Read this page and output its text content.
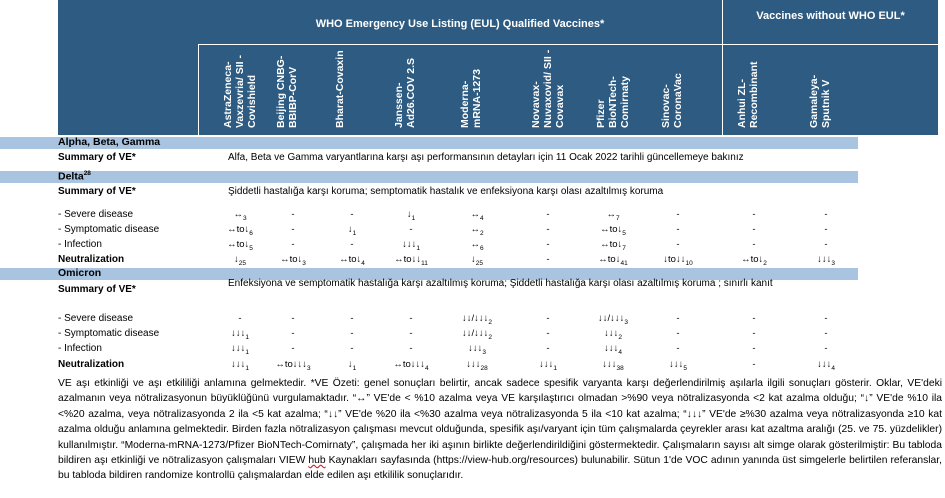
WHO Emergency Use Listing (EUL) Qualified Vaccines*
Vaccines without WHO EUL*
AstraZeneca-Vaxzevria/ SII - Covishield	Beijing CNBG-BBIBP-CorV	Bharat-Covaxin	Janssen-Ad26.COV 2.S	Moderna-mRNA-1273	Novavax-Nuvaxovid/ SII - Covavax	Pfizer BioNTech-Comirnaty	Sinovac-CoronaVac	Anhui ZL-Recombinant	Gamaleya-Sputnik V
Alpha, Beta, Gamma
Summary of VE*	Alfa, Beta ve Gamma varyantlarına karşı aşı performansının detayları için 11 Ocak 2022 tarihli güncellemeye bakınız
Delta$^{28}$
Summary of VE*	Şiddetli hastalığa karşı koruma; semptomatik hastalık ve enfeksiyona karşı olası azaltılmış koruma
- Severe disease	$\leftrightarrow_3$	-	-	$↓_1$	$\leftrightarrow_4$	-	$\leftrightarrow_7$	-	-	-
- Symptomatic disease	$\leftrightarrow to↓_6$	-	$↓_1$	-	$\leftrightarrow_2$	-	$\leftrightarrow to↓_5$	-	-	-
- Infection	$\leftrightarrow to↓_5$	-	-	$↓↓↓_1$	$\leftrightarrow_6$	-	$\leftrightarrow to↓_7$	-	-	-
Neutralization	$↓_{25}$	$\leftrightarrow to↓_3$	$\leftrightarrow to↓_4$	$\leftrightarrow to↓↓_{11}$	$↓_{25}$	-	$\leftrightarrow to↓_{41}$	$↓to↓↓_{10}$	$\leftrightarrow to↓_2$	$↓↓↓_3$
Omicron
Summary of VE*
Enfeksiyona ve semptomatik hastalığa karşı azaltılmış koruma; Şiddetli hastalığa karşı olası azaltılmış koruma ; sınırlı kanıt
- Severe disease	-	-	-	-	$↓↓/↓↓↓_2$	-	$↓↓/↓↓↓_3$	-	-	-
- Symptomatic disease	$↓↓↓_1$	-	-	-	$↓↓/↓↓↓_2$	-	$↓↓↓_2$	-	-	-
- Infection	$↓↓↓_1$	-	-	-	$↓↓↓_3$	-	$↓↓↓_4$	-	-	-
Neutralization	$↓↓↓_1$	$\leftrightarrow to↓↓↓_3$	$↓_1$	$\leftrightarrow to↓↓↓_4$	$↓↓↓_{28}$	$↓↓↓_1$	$↓↓↓_{38}$	$↓↓↓_5$	-	$↓↓↓_4$
VE aşı etkinliği ve aşı etkililiği anlamına gelmektedir. *VE Özeti: genel sonuçları belirtir, ancak sadece spesifik varyanta karşı değerlendirilmiş aşılarla ilgili sonuçları gösterir. Oklar, VE'deki azalmanın veya nötralizasyonun büyüklüğünü vurgulamaktadır. “↔” VE'de < %10 azalma veya VE karşılaştırıcı olmadan >%90 veya nötralizasyonda <2 kat azalma olduğu; “↓” VE'de %10 ila <%20 azalma, veya nötralizasyonda 2 ila <5 kat azalma; “↓↓” VE'de %20 ila <%30 azalma veya nötralizasyonda 5 ila <10 kat azalma; “↓↓↓” VE'de ≥%30 azalma veya nötralizasyonda ≥10 kat azalma olduğu anlamına gelmektedir. Birden fazla nötralizasyon çalışması mevcut olduğunda, spesifik aşı/varyant için tüm çalışmalarda çeyrekler arası kat azaltma aralığı (25. ve 75. yüzdelikler) kullanılmıştır. “Moderna-mRNA-1273/Pfizer BioNTech-Comirnaty”, çalışmada her iki aşının birlikte değerlendirildiğini göstermektedir. Çalışmaların sayısı alt simge olarak gösterilmiştir: Bu tabloda bildiren aşı etkinliği ve nötralizasyon çalışmaları VIEW hub Kaynakları sayfasında (https://view-hub.org/resources) bulunabilir. Sütun 1'de VOC adının yanında üst simgelerle belirtilen referanslar, bu tabloda bildiren randomize kontrollü çalışmalardan elde edilen aşı etkililik sonuçlarıdır.
